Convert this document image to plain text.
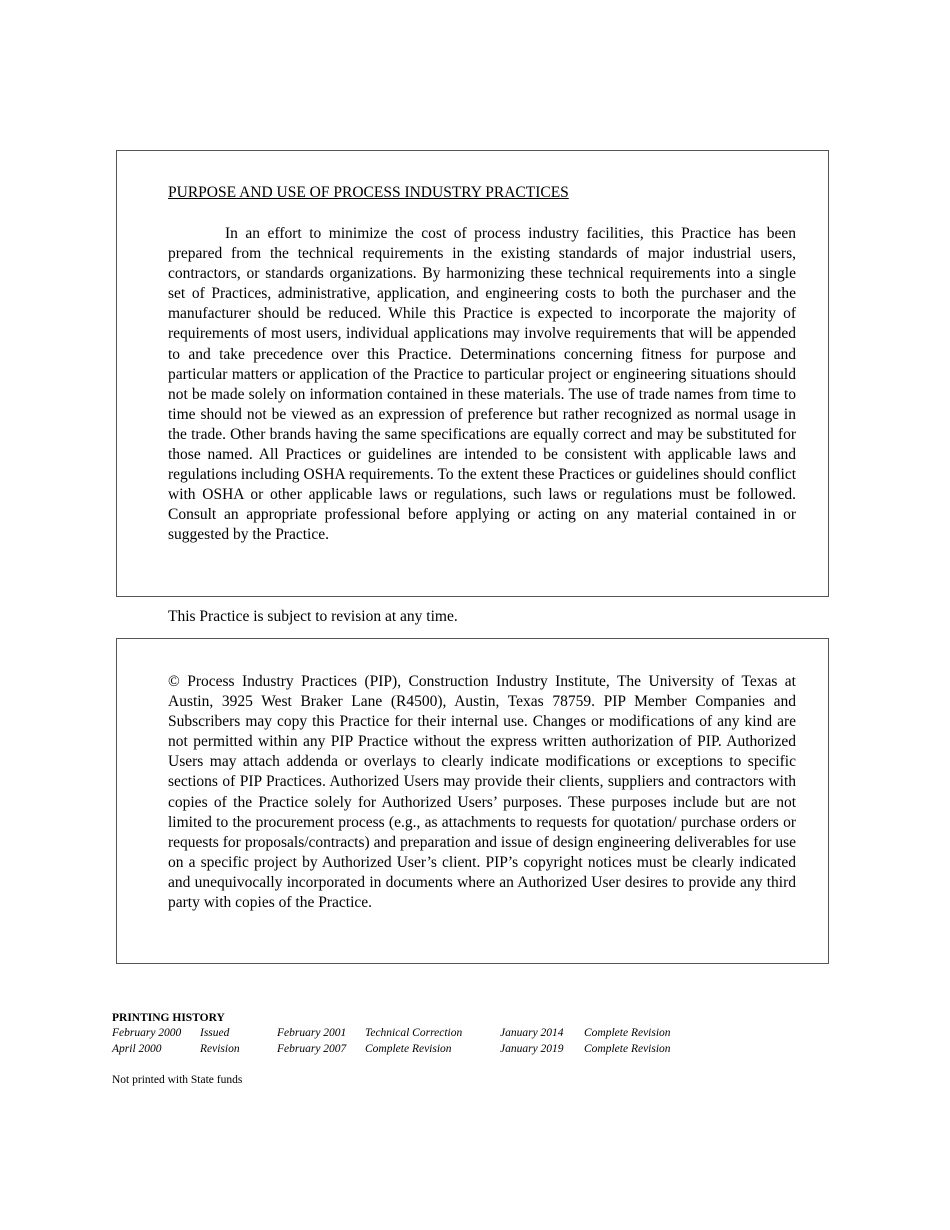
PURPOSE AND USE OF PROCESS INDUSTRY PRACTICES

In an effort to minimize the cost of process industry facilities, this Practice has been prepared from the technical requirements in the existing standards of major industrial users, contractors, or standards organizations. By harmonizing these technical requirements into a single set of Practices, administrative, application, and engineering costs to both the purchaser and the manufacturer should be reduced. While this Practice is expected to incorporate the majority of requirements of most users, individual applications may involve requirements that will be appended to and take precedence over this Practice. Determinations concerning fitness for purpose and particular matters or application of the Practice to particular project or engineering situations should not be made solely on information contained in these materials. The use of trade names from time to time should not be viewed as an expression of preference but rather recognized as normal usage in the trade. Other brands having the same specifications are equally correct and may be substituted for those named. All Practices or guidelines are intended to be consistent with applicable laws and regulations including OSHA requirements. To the extent these Practices or guidelines should conflict with OSHA or other applicable laws or regulations, such laws or regulations must be followed. Consult an appropriate professional before applying or acting on any material contained in or suggested by the Practice.

This Practice is subject to revision at any time.

© Process Industry Practices (PIP), Construction Industry Institute, The University of Texas at Austin, 3925 West Braker Lane (R4500), Austin, Texas 78759. PIP Member Companies and Subscribers may copy this Practice for their internal use. Changes or modifications of any kind are not permitted within any PIP Practice without the express written authorization of PIP. Authorized Users may attach addenda or overlays to clearly indicate modifications or exceptions to specific sections of PIP Practices. Authorized Users may provide their clients, suppliers and contractors with copies of the Practice solely for Authorized Users’ purposes. These purposes include but are not limited to the procurement process (e.g., as attachments to requests for quotation/ purchase orders or requests for proposals/contracts) and preparation and issue of design engineering deliverables for use on a specific project by Authorized User’s client. PIP’s copyright notices must be clearly indicated and unequivocally incorporated in documents where an Authorized User desires to provide any third party with copies of the Practice.

PRINTING HISTORY
February 2000 Issued
April 2000	Revision
February 2001 Technical Correction
February 2007 Complete Revision
January 2014 Complete Revision
January 2019 Complete Revision
Not printed with State funds
